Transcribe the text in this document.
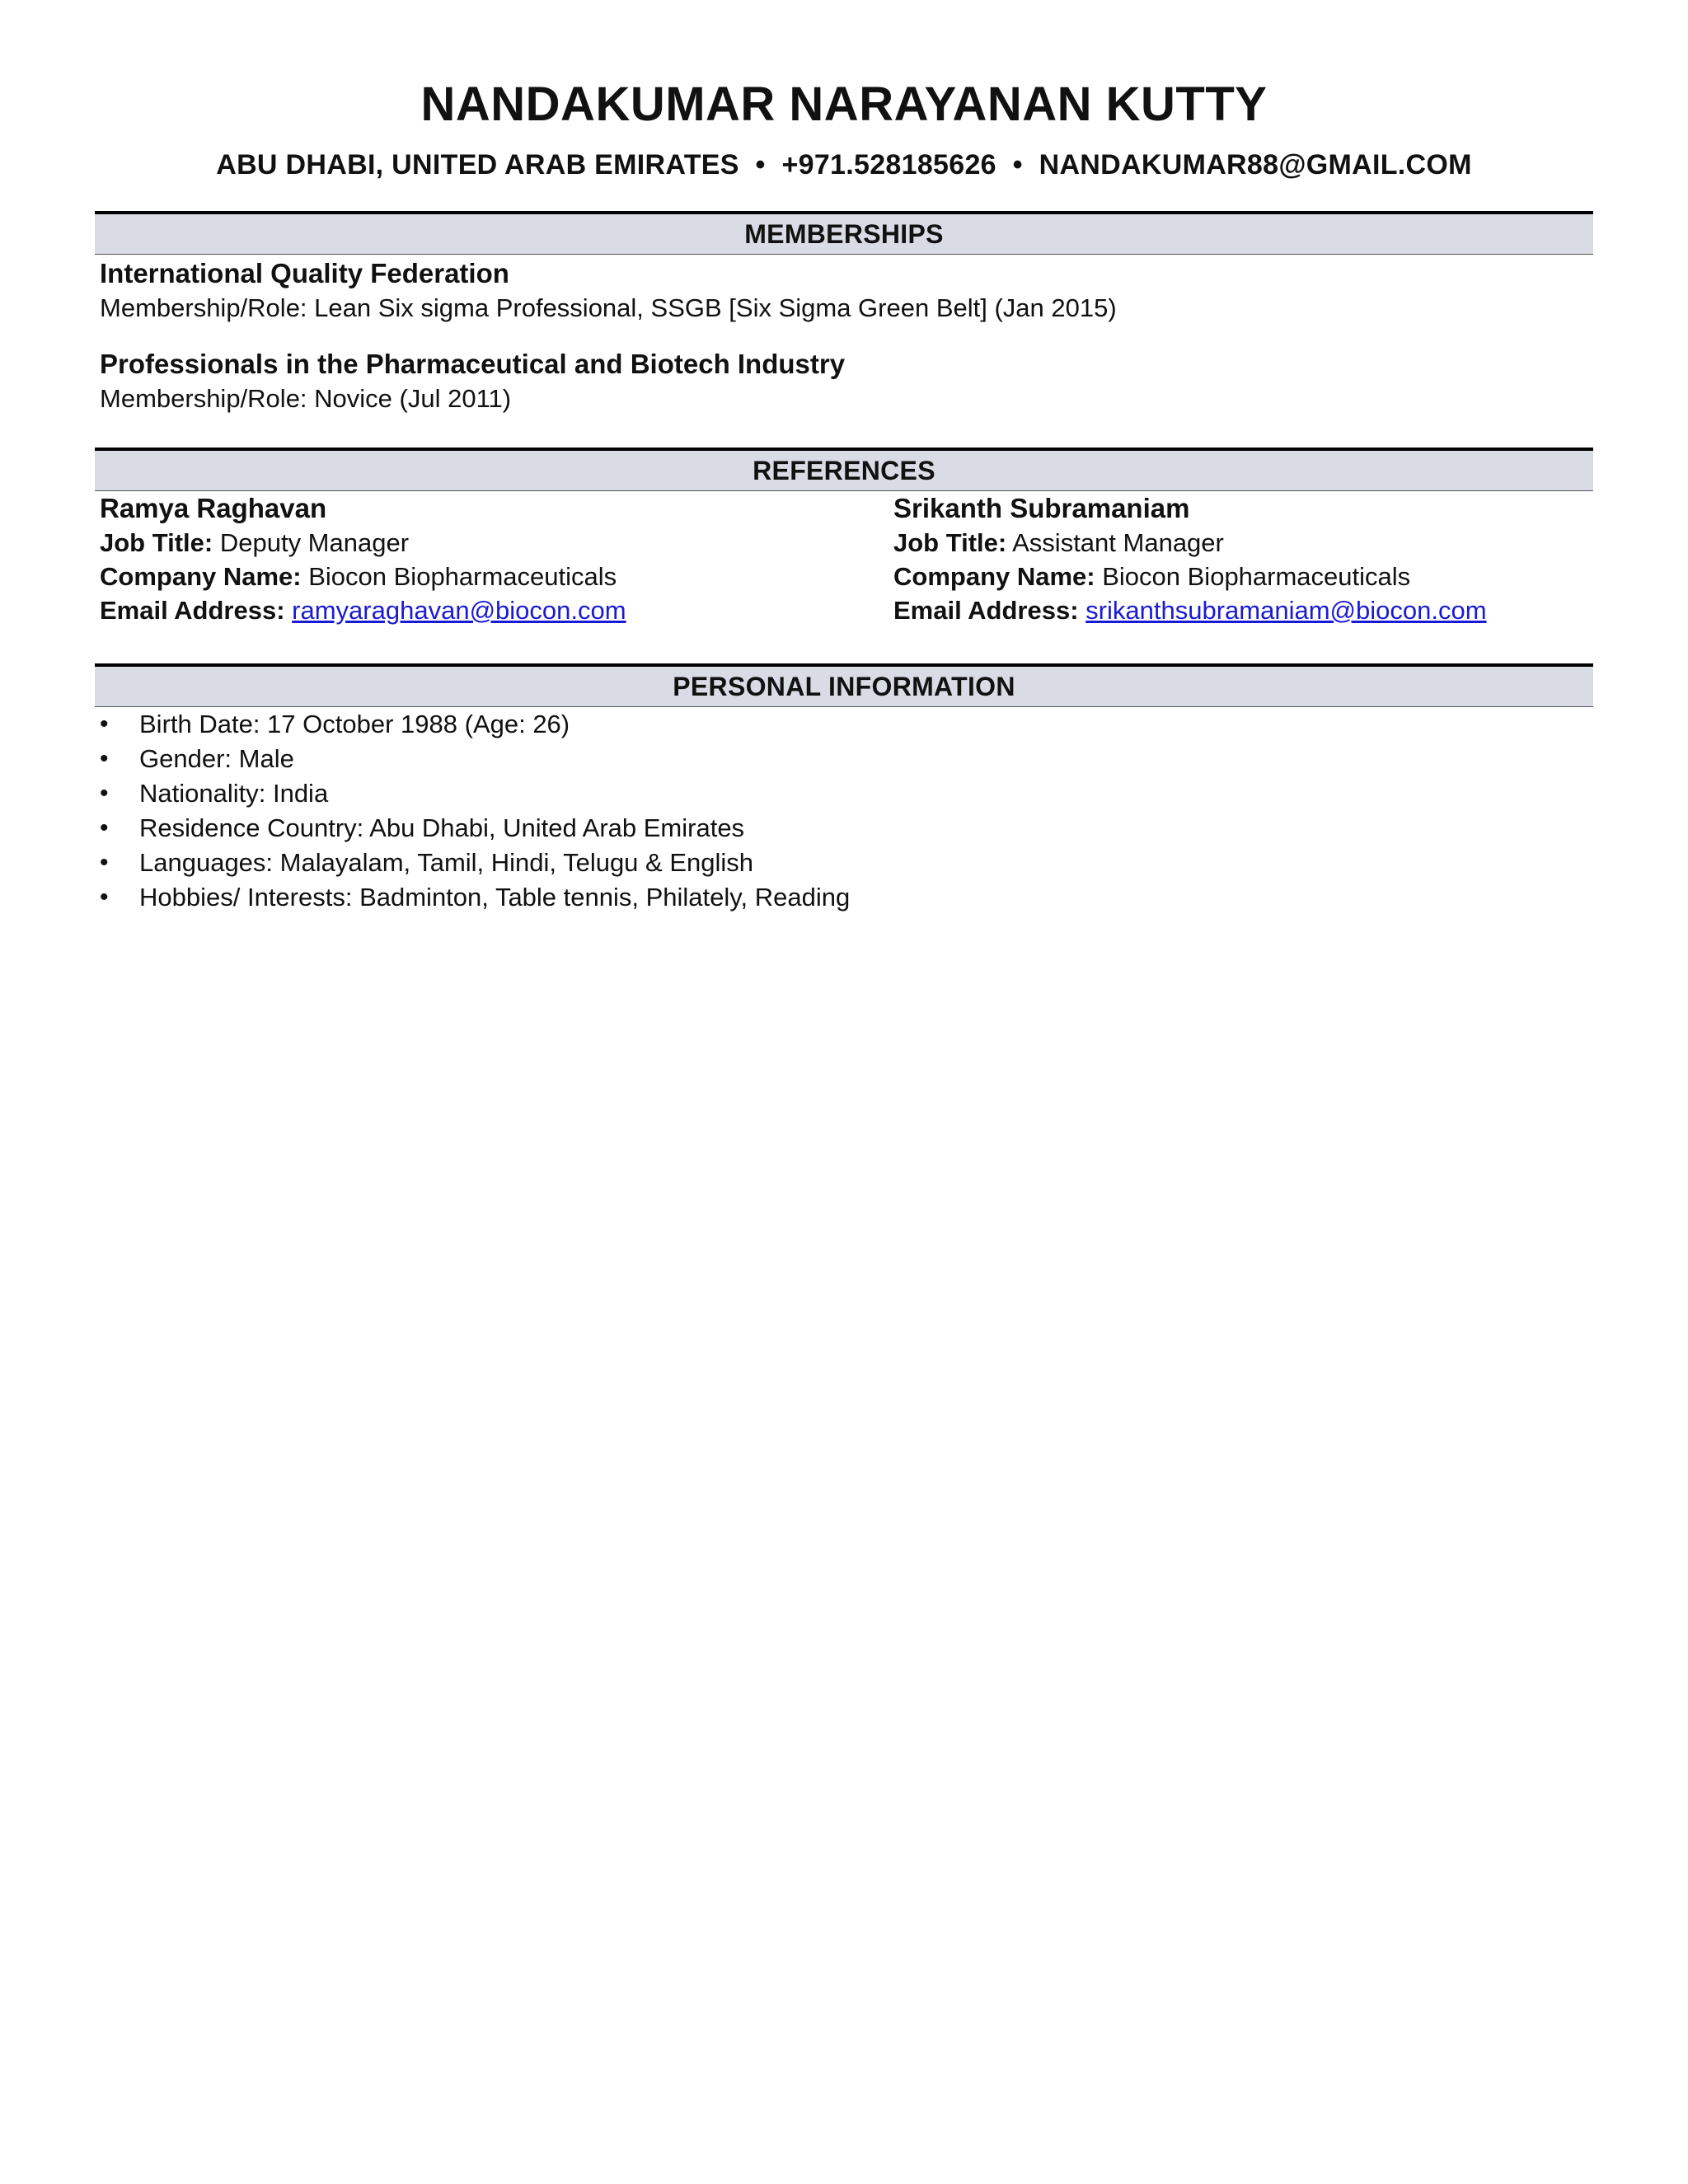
NANDAKUMAR NARAYANAN KUTTY
ABU DHABI, UNITED ARAB EMIRATES • +971.528185626 • NANDAKUMAR88@GMAIL.COM
MEMBERSHIPS
International Quality Federation
Membership/Role: Lean Six sigma Professional, SSGB [Six Sigma Green Belt] (Jan 2015)
Professionals in the Pharmaceutical and Biotech Industry
Membership/Role: Novice (Jul 2011)
REFERENCES
Ramya Raghavan
Job Title: Deputy Manager
Company Name: Biocon Biopharmaceuticals
Email Address: ramyaraghavan@biocon.com
Srikanth Subramaniam
Job Title: Assistant Manager
Company Name: Biocon Biopharmaceuticals
Email Address: srikanthsubramaniam@biocon.com
PERSONAL INFORMATION
• Birth Date: 17 October 1988 (Age: 26)
• Gender: Male
• Nationality: India
• Residence Country: Abu Dhabi, United Arab Emirates
• Languages: Malayalam, Tamil, Hindi, Telugu & English
• Hobbies/ Interests: Badminton, Table tennis, Philately, Reading
